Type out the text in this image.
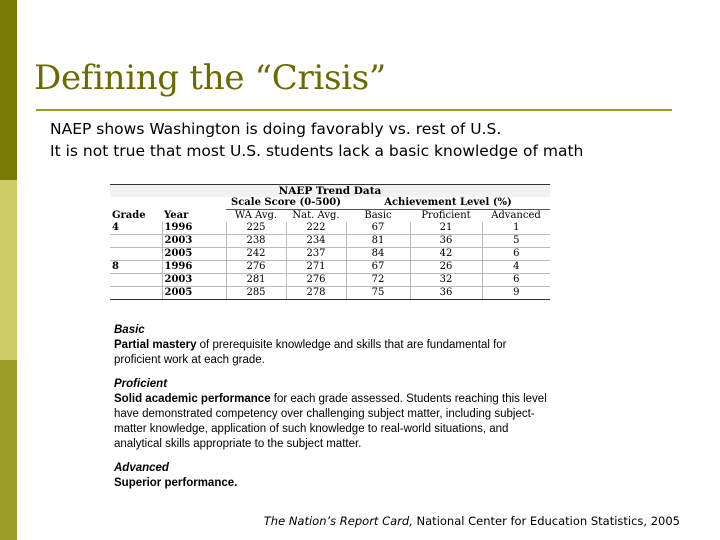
Defining the “Crisis”
NAEP shows Washington is doing favorably vs. rest of U.S.
It is not true that most U.S. students lack a basic knowledge of math
NAEP Trend Data						
		Scale Score (0-500)		Achievement Level (%)		
Grade	Year	WA Avg.	Nat. Avg.	Basic	Proficient	Advanced
4	1996	225	222	67	21	1
	2003	238	234	81	36	5
	2005	242	237	84	42	6
8	1996	276	271	67	26	4
	2003	281	276	72	32	6
	2005	285	278	75	36	9
Basic
Partial mastery of prerequisite knowledge and skills that are fundamental for proficient work at each grade.
Proficient
Solid academic performance for each grade assessed. Students reaching this level have demonstrated competency over challenging subject matter, including subject-matter knowledge, application of such knowledge to real-world situations, and analytical skills appropriate to the subject matter.
Advanced
Superior performance.
The Nation’s Report Card, National Center for Education Statistics, 2005
